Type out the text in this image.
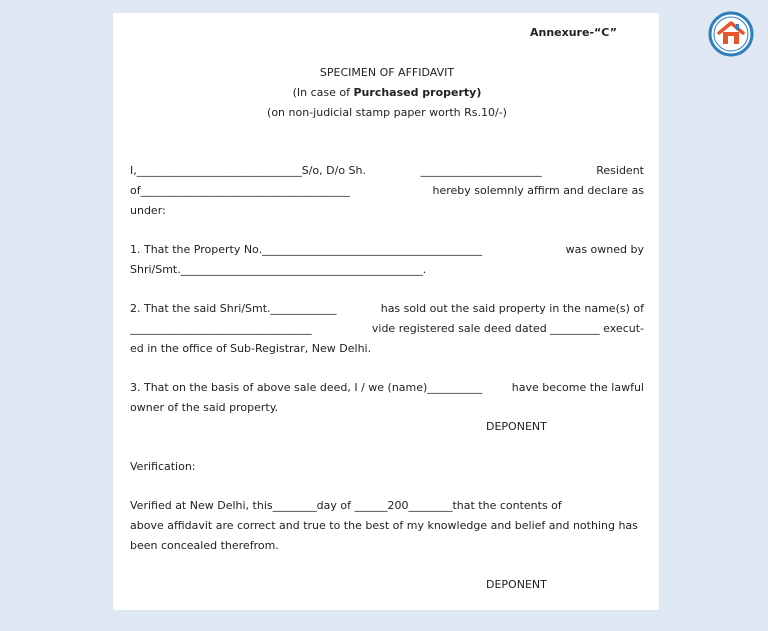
Annexure-“C”
SPECIMEN OF AFFIDAVIT
(In case of Purchased property)
(on non-judicial stamp paper worth Rs.10/-)
I,______________________________S/o, D/o Sh.	______________________	Resident
of______________________________________	hereby solemnly affirm and declare as
under:
1. That the Property No.________________________________________	was owned by
Shri/Smt.____________________________________________.
2. That the said Shri/Smt.____________	has sold out the said property in the name(s) of
_________________________________	vide registered sale deed dated _________ execut-
ed in the office of Sub-Registrar, New Delhi.
3. That on the basis of above sale deed, I / we (name)__________	have become the lawful
owner of the said property.
DEPONENT
Verification:
Verified at New Delhi, this________day of ______200________that the contents of
above affidavit are correct and true to the best of my knowledge and belief and nothing has
been concealed therefrom.
DEPONENT
